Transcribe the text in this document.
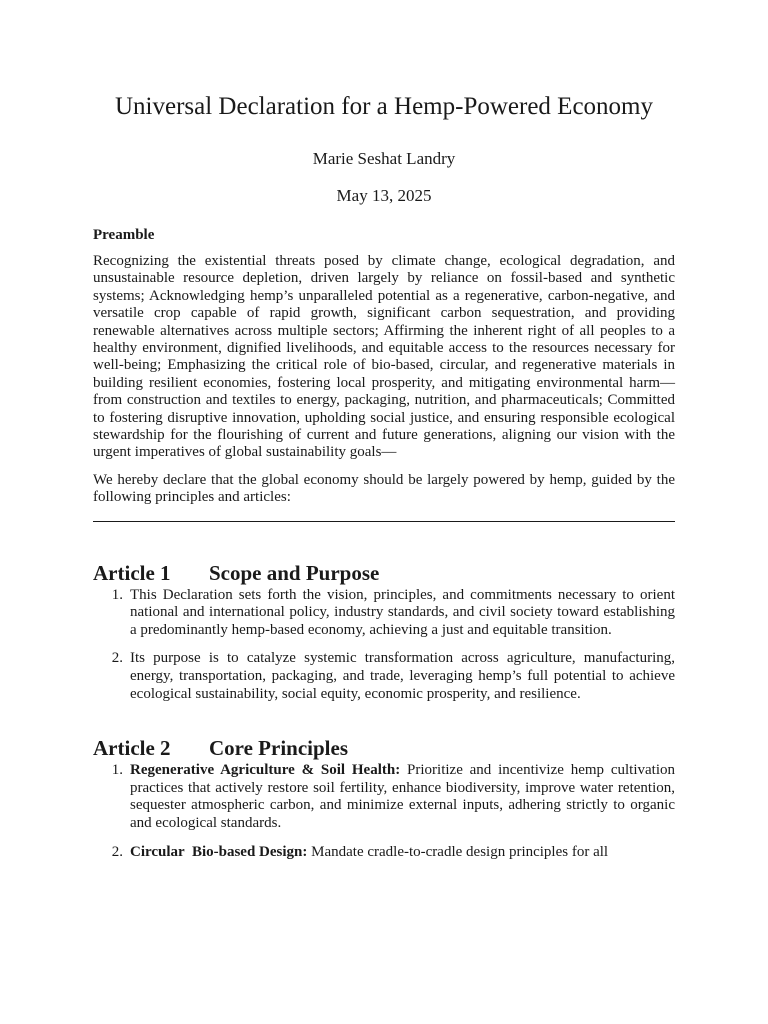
Universal Declaration for a Hemp-Powered Economy
Marie Seshat Landry
May 13, 2025
Preamble

Recognizing the existential threats posed by climate change, ecological degradation, and unsustainable resource depletion, driven largely by reliance on fossil-based and synthetic systems; Acknowledging hemp’s unparalleled potential as a regenerative, carbon-negative, and versatile crop capable of rapid growth, significant carbon sequestration, and providing renewable alternatives across multiple sectors; Affirming the inherent right of all peoples to a healthy environment, dignified livelihoods, and equitable access to the resources necessary for well-being; Emphasizing the critical role of bio-based, circular, and regenerative materials in building resilient economies, fostering local prosperity, and mitigating environmental harm—from construction and textiles to energy, packaging, nutrition, and pharmaceuticals; Committed to fostering disruptive innovation, upholding social justice, and ensuring responsible ecological stewardship for the flourishing of current and future generations, aligning our vision with the urgent imperatives of global sustainability goals—

We hereby declare that the global economy should be largely powered by hemp, guided by the following principles and articles:

Article 1	Scope and Purpose
1. This Declaration sets forth the vision, principles, and commitments necessary to orient national and international policy, industry standards, and civil society toward establishing a predominantly hemp-based economy, achieving a just and equitable transition.
2. Its purpose is to catalyze systemic transformation across agriculture, manufacturing, energy, transportation, packaging, and trade, leveraging hemp’s full potential to achieve ecological sustainability, social equity, economic prosperity, and resilience.
Article 2	Core Principles
1. Regenerative Agriculture & Soil Health: Prioritize and incentivize hemp cultivation practices that actively restore soil fertility, enhance biodiversity, improve water retention, sequester atmospheric carbon, and minimize external inputs, adhering strictly to organic and ecological standards.
2. Circular  Bio-based Design: Mandate cradle-to-cradle design principles for all
